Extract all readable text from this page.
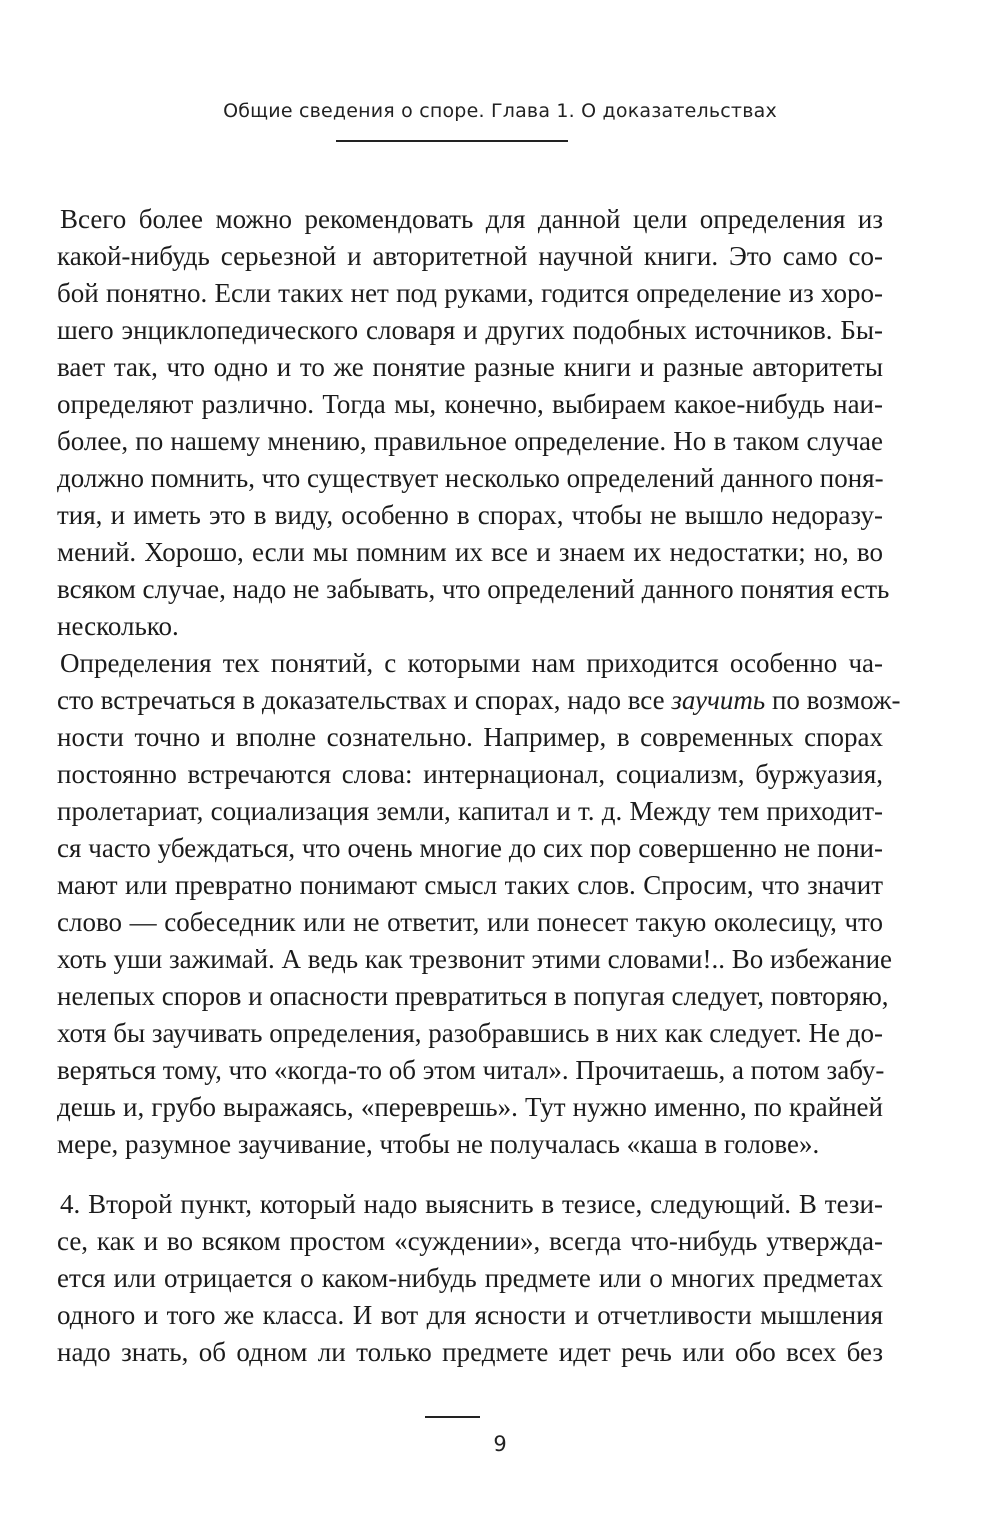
Общие сведения о споре. Глава 1. О доказательствах
Всего более можно рекомендовать для данной цели определения из
какой-нибудь серьезной и авторитетной научной книги. Это само со-
бой понятно. Если таких нет под руками, годится определение из хоро-
шего энциклопедического словаря и других подобных источников. Бы-
вает так, что одно и то же понятие разные книги и разные авторитеты
определяют различно. Тогда мы, конечно, выбираем какое-нибудь наи-
более, по нашему мнению, правильное определение. Но в таком случае
должно помнить, что существует несколько определений данного поня-
тия, и иметь это в виду, особенно в спорах, чтобы не вышло недоразу-
мений. Хорошо, если мы помним их все и знаем их недостатки; но, во
всяком случае, надо не забывать, что определений данного понятия есть
несколько.
Определения тех понятий, с которыми нам приходится особенно ча-
сто встречаться в доказательствах и спорах, надо все заучить по возмож-
ности точно и вполне сознательно. Например, в современных спорах
постоянно встречаются слова: интернационал, социализм, буржуазия,
пролетариат, социализация земли, капитал и т. д. Между тем приходит-
ся часто убеждаться, что очень многие до сих пор совершенно не пони-
мают или превратно понимают смысл таких слов. Спросим, что значит
слово — собеседник или не ответит, или понесет такую околесицу, что
хоть уши зажимай. А ведь как трезвонит этими словами!.. Во избежание
нелепых споров и опасности превратиться в попугая следует, повторяю,
хотя бы заучивать определения, разобравшись в них как следует. Не до-
веряться тому, что «когда-то об этом читал». Прочитаешь, а потом забу-
дешь и, грубо выражаясь, «переврешь». Тут нужно именно, по крайней
мере, разумное заучивание, чтобы не получалась «каша в голове».
4. Второй пункт, который надо выяснить в тезисе, следующий. В тези-
се, как и во всяком простом «суждении», всегда что-нибудь утвержда-
ется или отрицается о каком-нибудь предмете или о многих предметах
одного и того же класса. И вот для ясности и отчетливости мышления
надо знать, об одном ли только предмете идет речь или обо всех без
9
